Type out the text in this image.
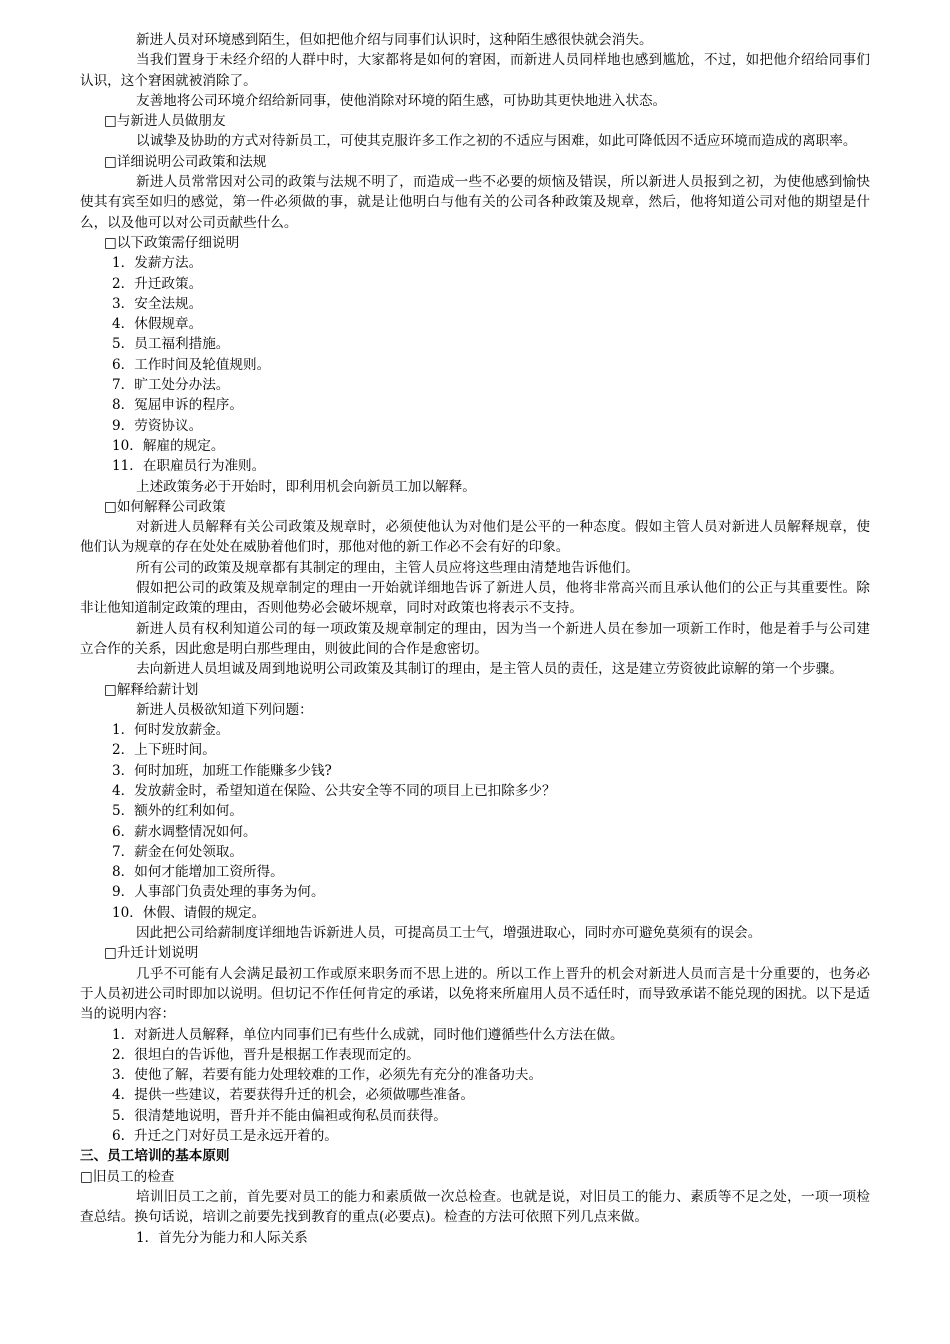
新进人员对环境感到陌生，但如把他介绍与同事们认识时，这种陌生感很快就会消失。

当我们置身于未经介绍的人群中时，大家都将是如何的窘困，而新进人员同样地也感到尴尬，不过，如把他介绍给同事们认识，这个窘困就被消除了。

友善地将公司环境介绍给新同事，使他消除对环境的陌生感，可协助其更快地进入状态。

□与新进人员做朋友

以诚挚及协助的方式对待新员工，可使其克服许多工作之初的不适应与困难，如此可降低因不适应环境而造成的离职率。

□详细说明公司政策和法规

新进人员常常因对公司的政策与法规不明了，而造成一些不必要的烦恼及错误，所以新进人员报到之初，为使他感到愉快使其有宾至如归的感觉，第一件必须做的事，就是让他明白与他有关的公司各种政策及规章，然后，他将知道公司对他的期望是什么，以及他可以对公司贡献些什么。

□以下政策需仔细说明

1．发薪方法。

2．升迁政策。

3．安全法规。

4．休假规章。

5．员工福利措施。

6．工作时间及轮值规则。

7．旷工处分办法。

8．冤屈申诉的程序。

9．劳资协议。

10．解雇的规定。

11．在职雇员行为准则。

上述政策务必于开始时，即利用机会向新员工加以解释。

□如何解释公司政策

对新进人员解释有关公司政策及规章时，必须使他认为对他们是公平的一种态度。假如主管人员对新进人员解释规章，使他们认为规章的存在处处在威胁着他们时，那他对他的新工作必不会有好的印象。

所有公司的政策及规章都有其制定的理由，主管人员应将这些理由清楚地告诉他们。

假如把公司的政策及规章制定的理由一开始就详细地告诉了新进人员，他将非常高兴而且承认他们的公正与其重要性。除非让他知道制定政策的理由，否则他势必会破坏规章，同时对政策也将表示不支持。

新进人员有权利知道公司的每一项政策及规章制定的理由，因为当一个新进人员在参加一项新工作时，他是着手与公司建立合作的关系，因此愈是明白那些理由，则彼此间的合作是愈密切。

去向新进人员坦诚及周到地说明公司政策及其制订的理由，是主管人员的责任，这是建立劳资彼此谅解的第一个步骤。

□解释给薪计划

新进人员极欲知道下列问题：

1．何时发放薪金。

2．上下班时间。

3．何时加班，加班工作能赚多少钱?

4．发放薪金时，希望知道在保险、公共安全等不同的项目上已扣除多少？

5．额外的红利如何。

6．薪水调整情况如何。

7．薪金在何处领取。

8．如何才能增加工资所得。

9．人事部门负责处理的事务为何。

10．休假、请假的规定。

因此把公司给薪制度详细地告诉新进人员，可提高员工士气，增强进取心，同时亦可避免莫须有的误会。

□升迁计划说明

几乎不可能有人会满足最初工作或原来职务而不思上进的。所以工作上晋升的机会对新进人员而言是十分重要的，也务必于人员初进公司时即加以说明。但切记不作任何肯定的承诺，以免将来所雇用人员不适任时，而导致承诺不能兑现的困扰。以下是适当的说明内容：

1．对新进人员解释，单位内同事们已有些什么成就，同时他们遵循些什么方法在做。

2．很坦白的告诉他，晋升是根据工作表现而定的。

3．使他了解，若要有能力处理较难的工作，必须先有充分的准备功夫。

4．提供一些建议，若要获得升迁的机会，必须做哪些准备。

5．很清楚地说明，晋升并不能由偏袒或徇私员而获得。

6. 升迁之门对好员工是永远开着的。

三、员工培训的基本原则

□旧员工的检查

培训旧员工之前，首先要对员工的能力和素质做一次总检查。也就是说，对旧员工的能力、素质等不足之处，一项一项检查总结。换句话说，培训之前要先找到教育的重点(必要点)。检查的方法可依照下列几点来做。

1．首先分为能力和人际关系
